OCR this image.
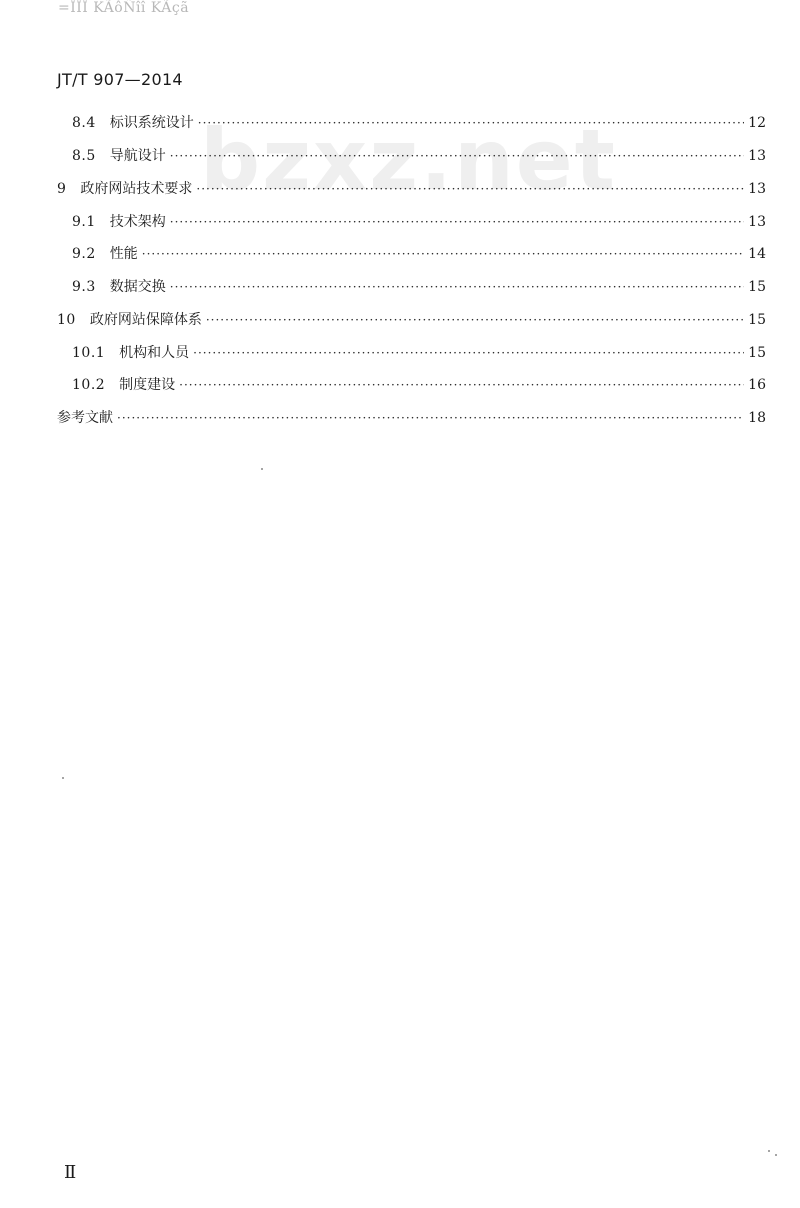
=ÏÏÏ KÃôÑîî KÃçã
JT/T 907—2014
bzxz.net
8.4 标识系统设计 ·····	12
8.5 导航设计 ·····	13
9 政府网站技术要求 ·····	13
9.1 技术架构 ·····	13
9.2 性能 ·····	14
9.3 数据交换 ·····	15
10 政府网站保障体系 ·····	15
10.1 机构和人员 ·····	15
10.2 制度建设 ·····	16
参考文献 ·····	18
Ⅱ
